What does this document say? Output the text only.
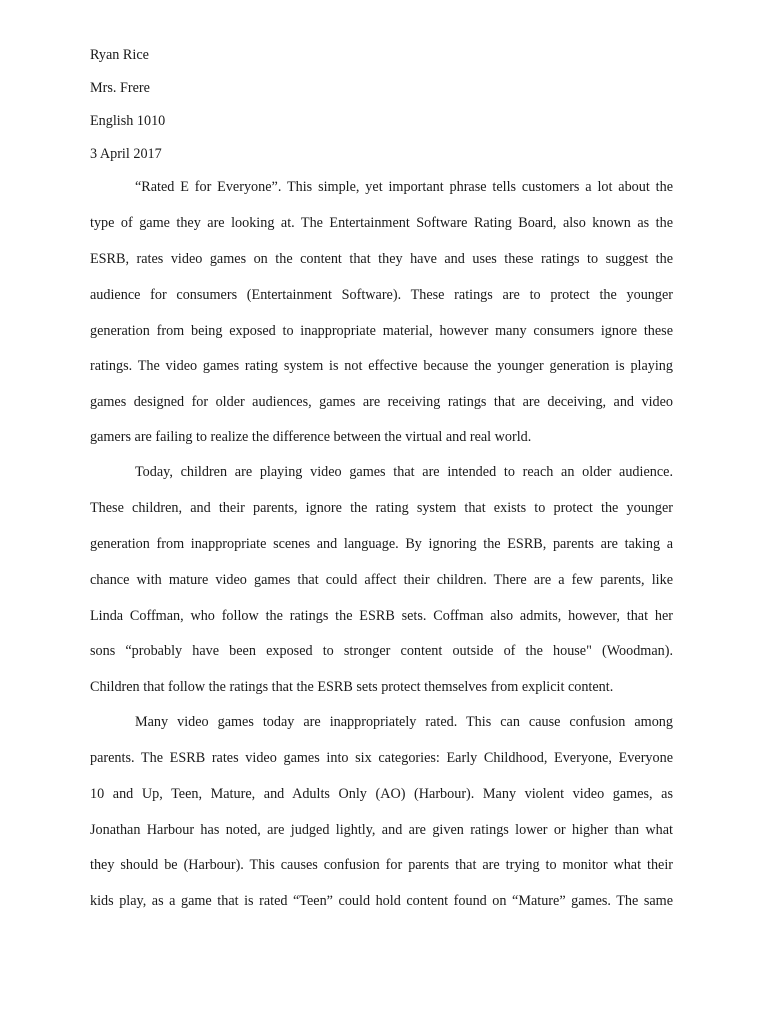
Ryan Rice

Mrs. Frere

English 1010

3 April 2017

“Rated E for Everyone”. This simple, yet important phrase tells customers a lot about the

type of game they are looking at. The Entertainment Software Rating Board, also known as the

ESRB, rates video games on the content that they have and uses these ratings to suggest the

audience for consumers (Entertainment Software). These ratings are to protect the younger

generation from being exposed to inappropriate material, however many consumers ignore these

ratings. The video games rating system is not effective because the younger generation is playing

games designed for older audiences, games are receiving ratings that are deceiving, and video

gamers are failing to realize the difference between the virtual and real world.

Today, children are playing video games that are intended to reach an older audience.

These children, and their parents, ignore the rating system that exists to protect the younger

generation from inappropriate scenes and language. By ignoring the ESRB, parents are taking a

chance with mature video games that could affect their children. There are a few parents, like

Linda Coffman, who follow the ratings the ESRB sets. Coffman also admits, however, that her

sons “probably have been exposed to stronger content outside of the house" (Woodman).

Children that follow the ratings that the ESRB sets protect themselves from explicit content.

Many video games today are inappropriately rated. This can cause confusion among

parents. The ESRB rates video games into six categories: Early Childhood, Everyone, Everyone

10 and Up, Teen, Mature, and Adults Only (AO) (Harbour). Many violent video games, as

Jonathan Harbour has noted, are judged lightly, and are given ratings lower or higher than what

they should be (Harbour). This causes confusion for parents that are trying to monitor what their

kids play, as a game that is rated “Teen” could hold content found on “Mature” games. The same
